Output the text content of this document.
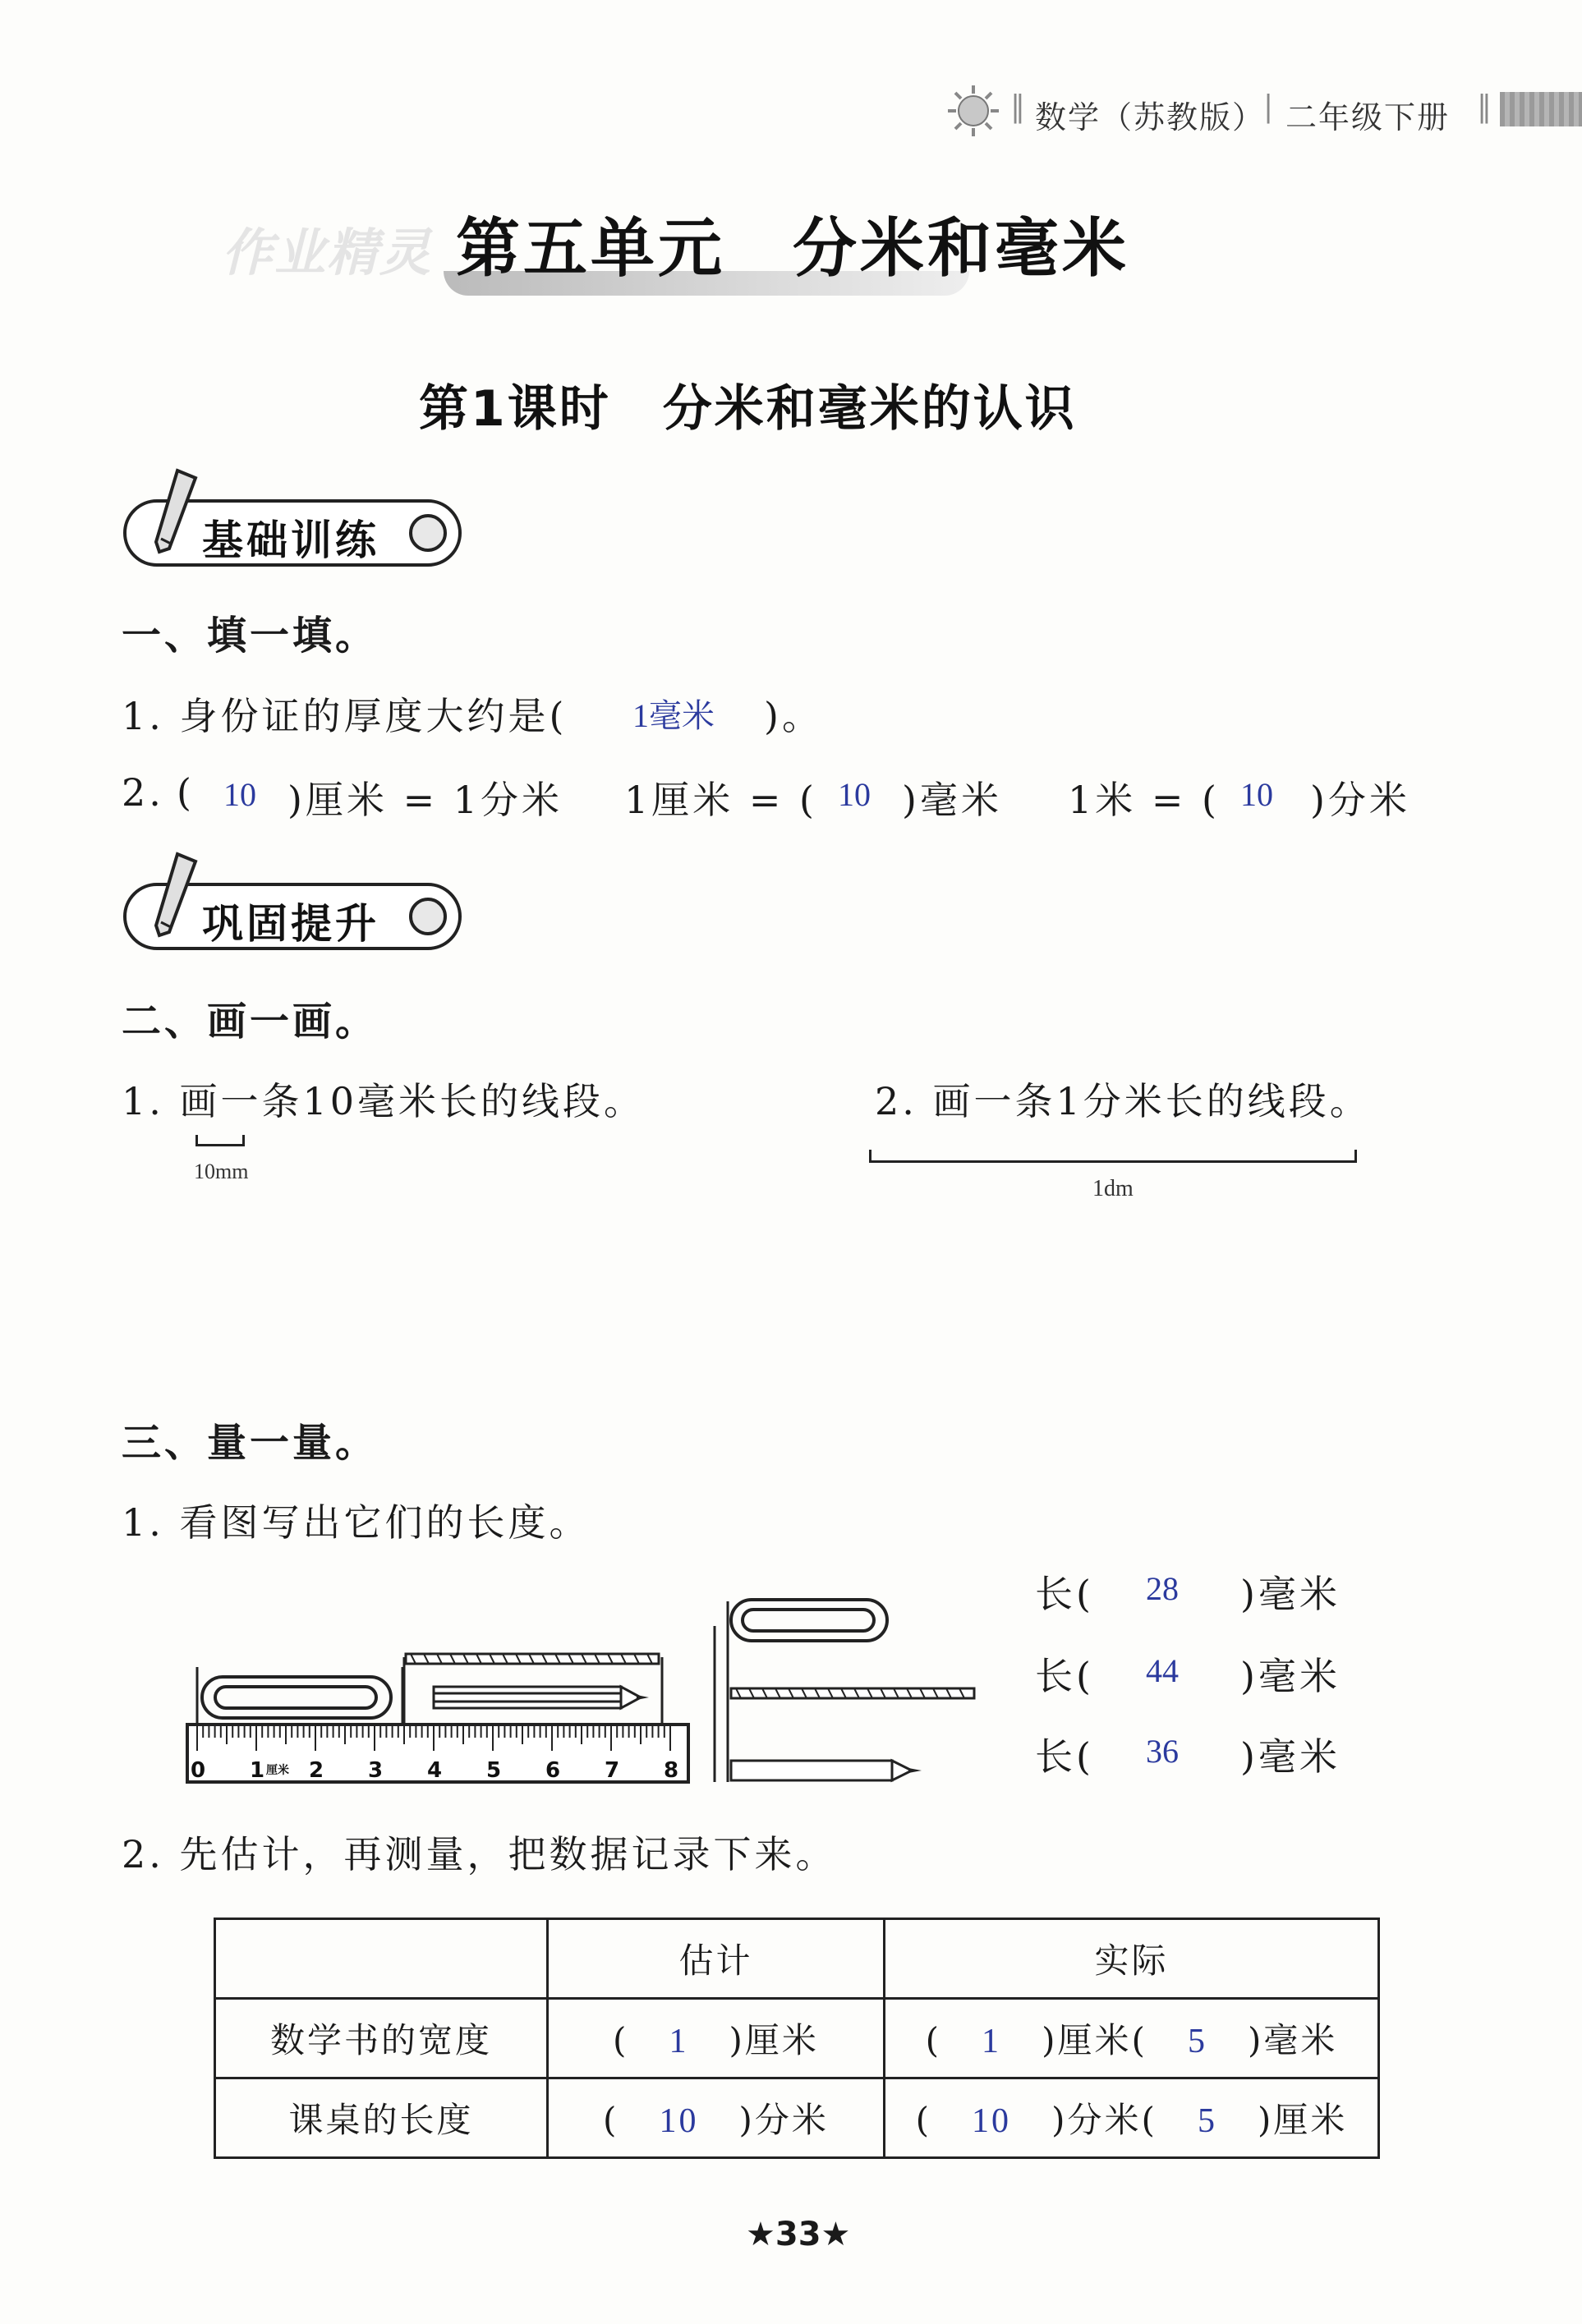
‖ 数学（苏教版）
| 二年级下册 ‖
作业精灵 第五单元　分米和毫米
第1课时　分米和毫米的认识
基础训练
一、填一填。
1. 身份证的厚度大约是(	1毫米 )。
2. ( 10 )厘米 = 1分米 1厘米 = ( 10 )毫米 1米 = ( 10 )分米
巩固提升
二、画一画。
1. 画一条10毫米长的线段。
10mm
2. 画一条1分米长的线段。
1dm
三、量一量。
1. 看图写出它们的长度。
0 1 2 3 4 5 6 7 8
厘米
长( 28 )毫米
长( 44 )毫米
长( 36 )毫米
2. 先估计，再测量，把数据记录下来。
	估计	实际
数学书的宽度	(   1 )厘米	(   1 )厘米( 5 )毫米
课桌的长度	(   10 )分米	(   10 )分米( 5 )厘米
★33★
